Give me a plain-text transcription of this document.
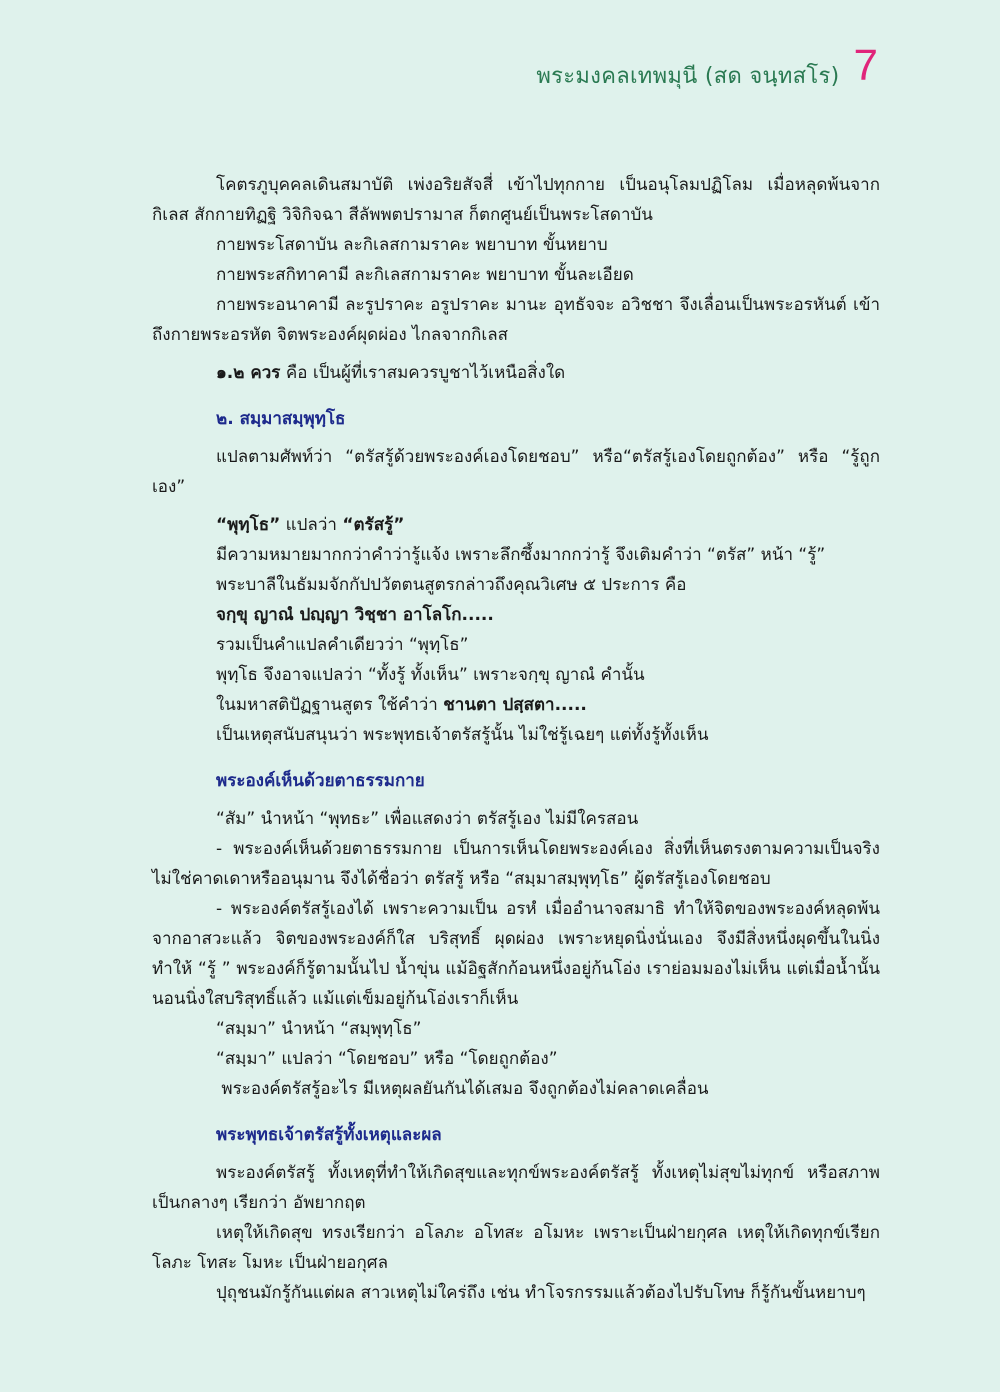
พระมงคลเทพมุนี (สด จนฺทสโร) 7

โคตรภูบุคคลเดินสมาบัติ เพ่งอริยสัจสี่ เข้าไปทุกกาย เป็นอนุโลมปฏิโลม เมื่อหลุดพ้นจากกิเลส สักกายทิฏฐิ วิจิกิจฉา สีลัพพตปรามาส ก็ตกศูนย์เป็นพระโสดาบัน

กายพระโสดาบัน ละกิเลสกามราคะ พยาบาท ขั้นหยาบ

กายพระสกิทาคามี ละกิเลสกามราคะ พยาบาท ขั้นละเอียด

กายพระอนาคามี ละรูปราคะ อรูปราคะ มานะ อุทธัจจะ อวิชชา จึงเลื่อนเป็นพระอรหันต์ เข้าถึงกายพระอรหัต จิตพระองค์ผุดผ่อง ไกลจากกิเลส

๑.๒ ควร คือ เป็นผู้ที่เราสมควรบูชาไว้เหนือสิ่งใด

๒. สมฺมาสมฺพุทฺโธ

แปลตามศัพท์ว่า “ตรัสรู้ด้วยพระองค์เองโดยชอบ” หรือ“ตรัสรู้เองโดยถูกต้อง” หรือ “รู้ถูกเอง”

“พุทฺโธ” แปลว่า “ตรัสรู้”

มีความหมายมากกว่าคำว่ารู้แจ้ง เพราะลึกซึ้งมากกว่ารู้ จึงเติมคำว่า “ตรัส” หน้า “รู้”

พระบาลีในธัมมจักกัปปวัตตนสูตรกล่าวถึงคุณวิเศษ ๕ ประการ คือ

จกฺขุ ญาณํ ปญฺญา วิชฺชา อาโลโก.....

รวมเป็นคำแปลคำเดียวว่า “พุทฺโธ”

พุทฺโธ จึงอาจแปลว่า “ทั้งรู้ ทั้งเห็น” เพราะจกฺขุ ญาณํ คำนั้น

ในมหาสติปัฏฐานสูตร ใช้คำว่า ชานตา ปสฺสตา.....

เป็นเหตุสนับสนุนว่า พระพุทธเจ้าตรัสรู้นั้น ไม่ใช่รู้เฉยๆ แต่ทั้งรู้ทั้งเห็น

พระองค์เห็นด้วยตาธรรมกาย

“สัม” นำหน้า “พุทธะ” เพื่อแสดงว่า ตรัสรู้เอง ไม่มีใครสอน

- พระองค์เห็นด้วยตาธรรมกาย เป็นการเห็นโดยพระองค์เอง สิ่งที่เห็นตรงตามความเป็นจริง ไม่ใช่คาดเดาหรืออนุมาน จึงได้ชื่อว่า ตรัสรู้ หรือ “สมฺมาสมฺพุทฺโธ” ผู้ตรัสรู้เองโดยชอบ

- พระองค์ตรัสรู้เองได้ เพราะความเป็น อรหํ เมื่ออำนาจสมาธิ ทำให้จิตของพระองค์หลุดพ้น จากอาสวะแล้ว จิตของพระองค์ก็ใส บริสุทธิ์ ผุดผ่อง เพราะหยุดนิ่งนั่นเอง จึงมีสิ่งหนึ่งผุดขึ้นในนิ่ง ทำให้ “รู้ ” พระองค์ก็รู้ตามนั้นไป น้ำขุ่น แม้อิฐสักก้อนหนึ่งอยู่ก้นโอ่ง เราย่อมมองไม่เห็น แต่เมื่อน้ำนั้น นอนนิ่งใสบริสุทธิ์แล้ว แม้แต่เข็มอยู่ก้นโอ่งเราก็เห็น

“สมฺมา” นำหน้า “สมฺพุทฺโธ”

“สมฺมา” แปลว่า “โดยชอบ” หรือ “โดยถูกต้อง”

พระองค์ตรัสรู้อะไร มีเหตุผลยันกันได้เสมอ จึงถูกต้องไม่คลาดเคลื่อน

พระพุทธเจ้าตรัสรู้ทั้งเหตุและผล

พระองค์ตรัสรู้ ทั้งเหตุที่ทำให้เกิดสุขและทุกข์พระองค์ตรัสรู้ ทั้งเหตุไม่สุขไม่ทุกข์ หรือสภาพเป็นกลางๆ เรียกว่า อัพยากฤต

เหตุให้เกิดสุข ทรงเรียกว่า อโลภะ อโทสะ อโมหะ เพราะเป็นฝ่ายกุศล เหตุให้เกิดทุกข์เรียก โลภะ โทสะ โมหะ เป็นฝ่ายอกุศล

ปุถุชนมักรู้กันแต่ผล สาวเหตุไม่ใคร่ถึง เช่น ทำโจรกรรมแล้วต้องไปรับโทษ ก็รู้กันขั้นหยาบๆ
